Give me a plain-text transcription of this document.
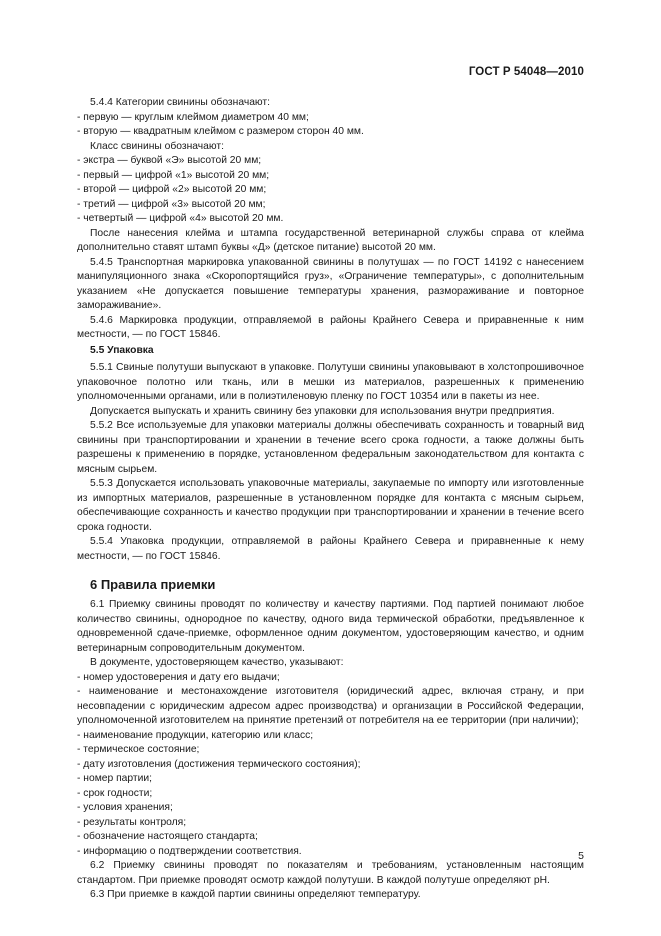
ГОСТ Р 54048—2010

5.4.4 Категории свинины обозначают:

- первую — круглым клеймом диаметром 40 мм;

- вторую — квадратным клеймом с размером сторон 40 мм.

Класс свинины обозначают:

- экстра — буквой «Э» высотой 20 мм;

- первый — цифрой «1» высотой 20 мм;

- второй — цифрой «2» высотой 20 мм;

- третий — цифрой «3» высотой 20 мм;

- четвертый — цифрой «4» высотой 20 мм.

После нанесения клейма и штампа государственной ветеринарной службы справа от клейма дополнительно ставят штамп буквы «Д» (детское питание) высотой 20 мм.

5.4.5 Транспортная маркировка упакованной свинины в полутушах — по ГОСТ 14192 с нанесением манипуляционного знака «Скоропортящийся груз», «Ограничение температуры», с дополнительным указанием «Не допускается повышение температуры хранения, размораживание и повторное замораживание».

5.4.6 Маркировка продукции, отправляемой в районы Крайнего Севера и приравненные к ним местности, — по ГОСТ 15846.

5.5 Упаковка

5.5.1 Свиные полутуши выпускают в упаковке. Полутуши свинины упаковывают в холстопрошивочное упаковочное полотно или ткань, или в мешки из материалов, разрешенных к применению уполномоченными органами, или в полиэтиленовую пленку по ГОСТ 10354 или в пакеты из нее.

Допускается выпускать и хранить свинину без упаковки для использования внутри предприятия.

5.5.2 Все используемые для упаковки материалы должны обеспечивать сохранность и товарный вид свинины при транспортировании и хранении в течение всего срока годности, а также должны быть разрешены к применению в порядке, установленном федеральным законодательством для контакта с мясным сырьем.

5.5.3 Допускается использовать упаковочные материалы, закупаемые по импорту или изготовленные из импортных материалов, разрешенные в установленном порядке для контакта с мясным сырьем, обеспечивающие сохранность и качество продукции при транспортировании и хранении в течение всего срока годности.

5.5.4 Упаковка продукции, отправляемой в районы Крайнего Севера и приравненные к нему местности, — по ГОСТ 15846.

6 Правила приемки

6.1 Приемку свинины проводят по количеству и качеству партиями. Под партией понимают любое количество свинины, однородное по качеству, одного вида термической обработки, предъявленное к одновременной сдаче-приемке, оформленное одним документом, удостоверяющим качество, и одним ветеринарным сопроводительным документом.

В документе, удостоверяющем качество, указывают:

- номер удостоверения и дату его выдачи;

- наименование и местонахождение изготовителя (юридический адрес, включая страну, и при несовпадении с юридическим адресом адрес производства) и организации в Российской Федерации, уполномоченной изготовителем на принятие претензий от потребителя на ее территории (при наличии);

- наименование продукции, категорию или класс;

- термическое состояние;

- дату изготовления (достижения термического состояния);

- номер партии;

- срок годности;

- условия хранения;

- результаты контроля;

- обозначение настоящего стандарта;

- информацию о подтверждении соответствия.

6.2 Приемку свинины проводят по показателям и требованиям, установленным настоящим стандартом. При приемке проводят осмотр каждой полутуши. В каждой полутуше определяют pH.

6.3 При приемке в каждой партии свинины определяют температуру.

5
